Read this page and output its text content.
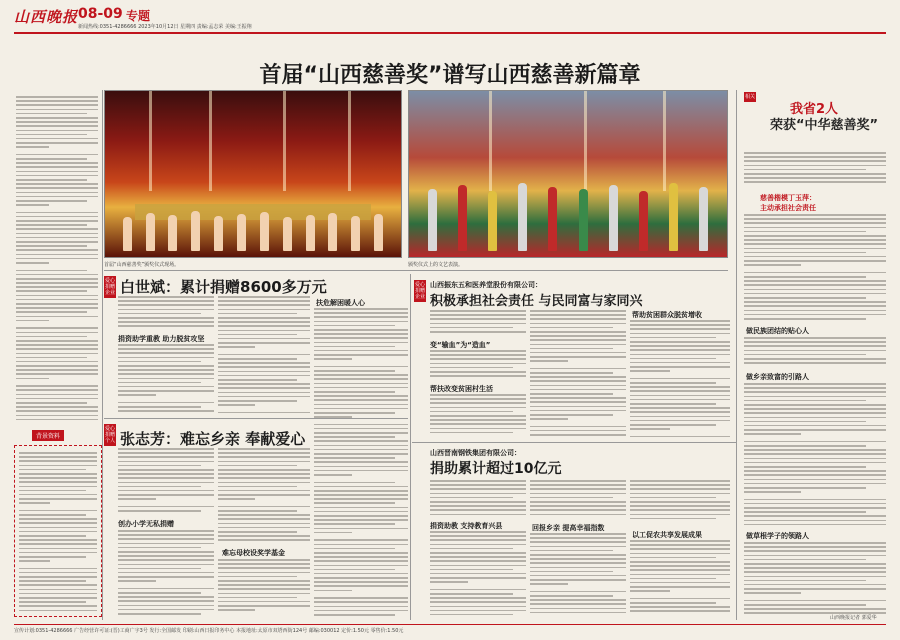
山西晚报 08-09 专题
新闻热线:0351-4286666 2023年10月12日 星期四 责编:孟志荣 美编:王振翔
首届“山西慈善奖”谱写山西慈善新篇章
背景资料
首届“山西慈善奖”颁奖仪式现场。	颁奖仪式上的文艺表演。
相关
我省2人
荣获“中华慈善奖”
慈善楷模丁玉萍：
主动承担社会责任
做民族团结的贴心人
做乡亲致富的引路人
做草根学子的领路人
山西晚报记者 郭爱华
爱心捐赠企业 白世斌：累计捐赠8600多万元
捐资助学重教 助力脱贫攻坚
扶危解困暖人心
爱心捐赠个人 张志芳：难忘乡亲 奉献爱心
创办小学无私捐赠
难忘母校设奖学基金
爱心捐赠企业
山西振东五和医养堂股份有限公司：
积极承担社会责任 与民同富与家同兴
变“输血”为“造血”
帮扶改变贫困村生活
帮助贫困群众脱贫增收
山西晋南钢铁集团有限公司：
捐助累计超过10亿元
捐资助教 支持教育兴县	回报乡亲 提高幸福指数
以工促农共享发展成果
宣传计划:0351-4286666 广告经营许可证:(晋)工商广字3号 发行:全国邮发 印刷:山西日报印务中心 本报地址:太原市双塔西街124号 邮编:030012 定价:1.50元 零售价:1.50元
